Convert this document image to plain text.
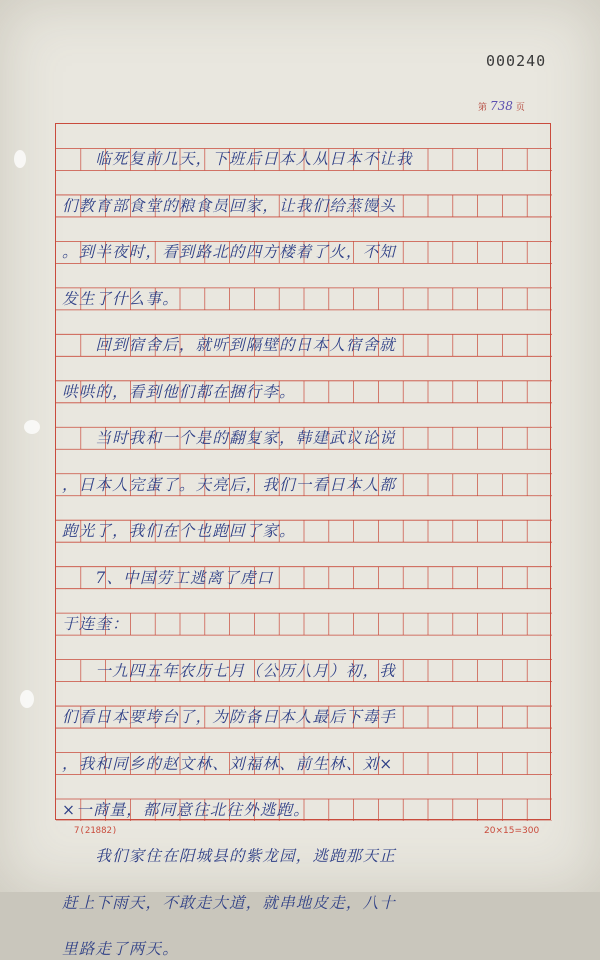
000240
第 738 页
　　临死复前几天，下班后日本人从日本不让我
们教育部食堂的粮食员回家，让我们给蒸馒头
。到半夜时，看到路北的四方楼着了火，不知
发生了什么事。
　　回到宿舍后，就听到隔壁的日本人宿舍就
哄哄的，看到他们都在捆行李。
　　当时我和一个是的翻复家，韩建武议论说
，日本人完蛋了。天亮后，我们一看日本人都
跑光了，我们在个也跑回了家。
　　7、中国劳工逃离了虎口
于连奎：
　　一九四五年农历七月（公历八月）初，我
们看日本要垮台了，为防备日本人最后下毒手
，我和同乡的赵文林、刘福林、前生林、刘×
×一商量，都同意往北往外逃跑。
　　我们家住在阳城县的紫龙园，逃跑那天正
赶上下雨天，不敢走大道，就串地皮走，八十
里路走了两天。
7(21882)	20×15=300
